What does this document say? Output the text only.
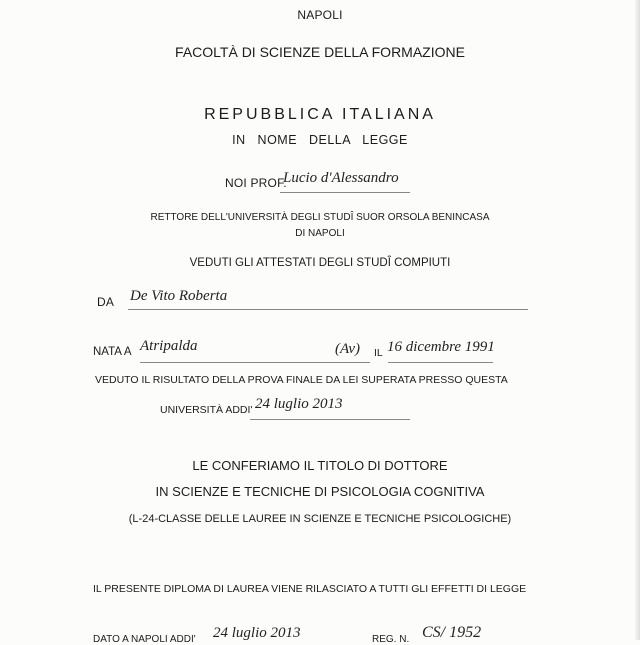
NAPOLI
FACOLTÀ DI SCIENZE DELLA FORMAZIONE
REPUBBLICA ITALIANA
IN   NOME   DELLA   LEGGE
NOI PROF.
Lucio d'Alessandro
RETTORE DELL'UNIVERSITÀ DEGLI STUDÎ SUOR ORSOLA BENINCASA
DI NAPOLI
VEDUTI GLI ATTESTATI DEGLI STUDÎ COMPIUTI
DA De Vito Roberta
NATA A Atripalda	(Av) IL 16 dicembre 1991
VEDUTO IL RISULTATO DELLA PROVA FINALE DA LEI SUPERATA PRESSO QUESTA
UNIVERSITÀ ADDI' 24 luglio 2013
LE CONFERIAMO IL TITOLO DI DOTTORE
IN SCIENZE E TECNICHE DI PSICOLOGIA COGNITIVA
(L-24-CLASSE DELLE LAUREE IN SCIENZE E TECNICHE PSICOLOGICHE)
IL PRESENTE DIPLOMA DI LAUREA VIENE RILASCIATO A TUTTI GLI EFFETTI DI LEGGE
DATO A NAPOLI ADDI' 24 luglio 2013	REG. N. CS/ 1952
